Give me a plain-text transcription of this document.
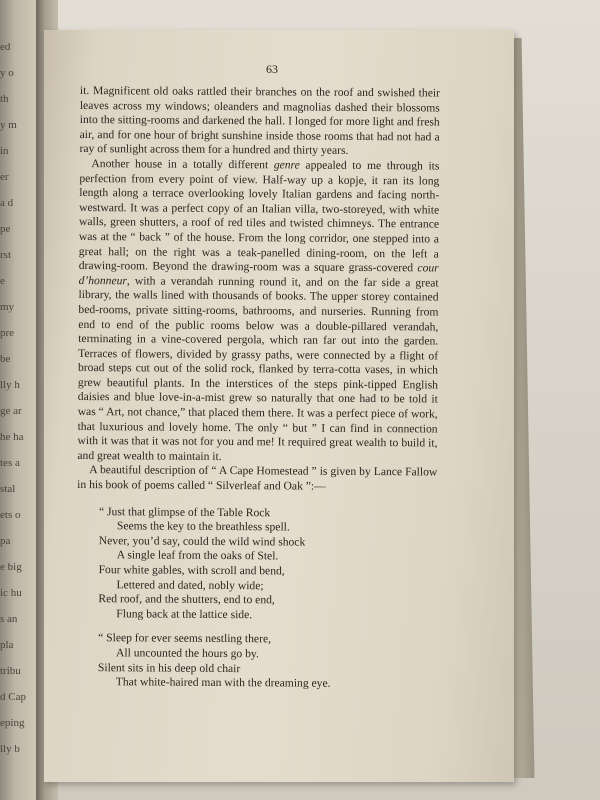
ed
y o
th
y m
in
er
a d
pe
rst
e
my
pre
be
lly h
ge ar
he ha
tes a
stal
ets o
pa
e big
ic hu
s an
pla
tribu
d Cap
eping
lly b
63

it. Magnificent old oaks rattled their branches on the roof and swished their leaves across my windows; oleanders and magnolias dashed their blossoms into the sitting-rooms and darkened the hall. I longed for more light and fresh air, and for one hour of bright sunshine inside those rooms that had not had a ray of sunlight across them for a hundred and thirty years.

Another house in a totally different genre appealed to me through its perfection from every point of view. Half-way up a kopje, it ran its long length along a terrace overlooking lovely Italian gardens and facing north-westward. It was a perfect copy of an Italian villa, two-storeyed, with white walls, green shutters, a roof of red tiles and twisted chimneys. The entrance was at the “ back ” of the house. From the long corridor, one stepped into a great hall; on the right was a teak-panelled dining-room, on the left a drawing-room. Beyond the drawing-room was a square grass-covered cour d’honneur, with a verandah running round it, and on the far side a great library, the walls lined with thousands of books. The upper storey contained bed-rooms, private sitting-rooms, bathrooms, and nurseries. Running from end to end of the public rooms below was a double-pillared verandah, terminating in a vine-covered pergola, which ran far out into the garden. Terraces of flowers, divided by grassy paths, were connected by a flight of broad steps cut out of the solid rock, flanked by terra-cotta vases, in which grew beautiful plants. In the interstices of the steps pink-tipped English daisies and blue love-in-a-mist grew so naturally that one had to be told it was “ Art, not chance,” that placed them there. It was a perfect piece of work, that luxurious and lovely home. The only “ but ” I can find in connection with it was that it was not for you and me! It required great wealth to build it, and great wealth to maintain it.

A beautiful description of “ A Cape Homestead ” is given by Lance Fallow in his book of poems called “ Silverleaf and Oak ”:—

“ Just that glimpse of the Table Rock
Seems the key to the breathless spell.
Never, you’d say, could the wild wind shock
A single leaf from the oaks of Stel.
Four white gables, with scroll and bend,
Lettered and dated, nobly wide;
Red roof, and the shutters, end to end,
Flung back at the lattice side.
“ Sleep for ever seems nestling there,
All uncounted the hours go by.
Silent sits in his deep old chair
That white-haired man with the dreaming eye.
